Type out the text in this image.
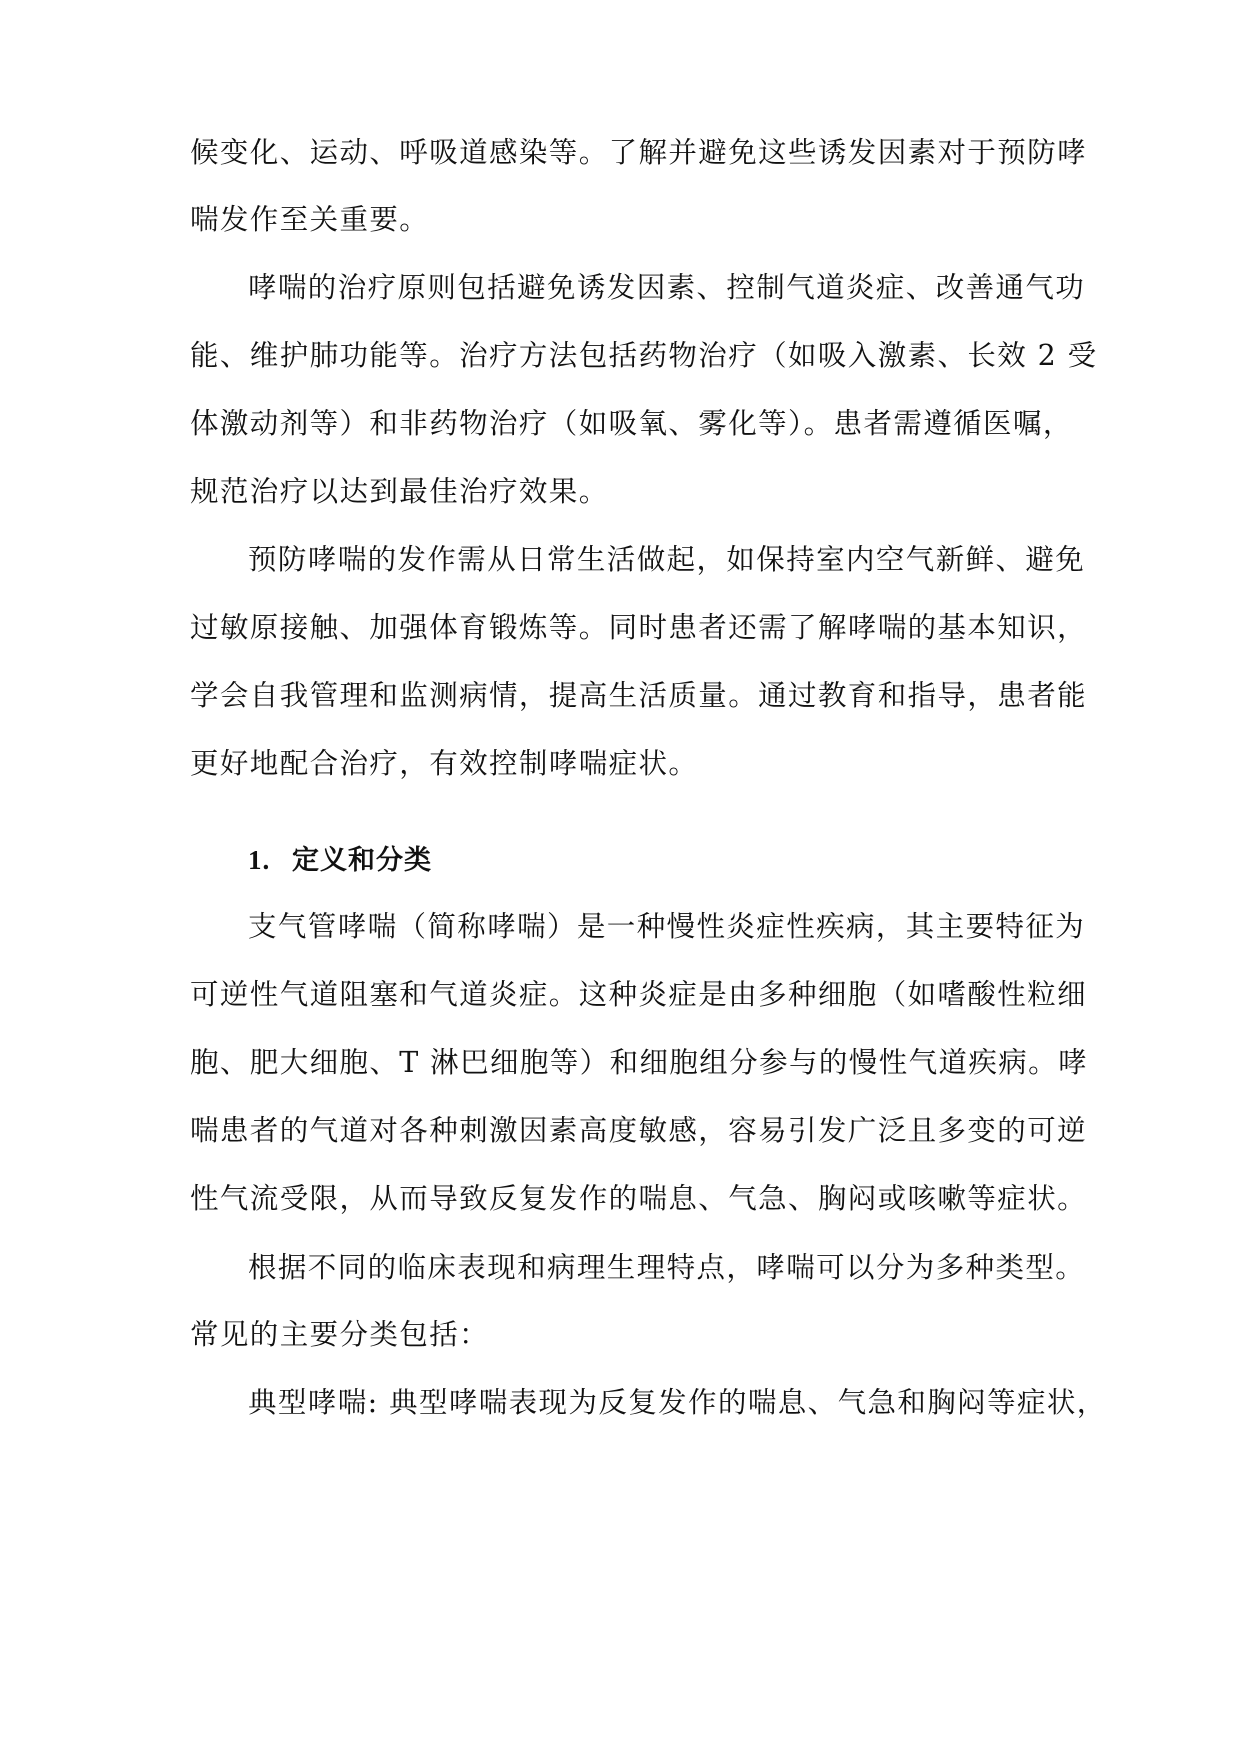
候变化、运动、呼吸道感染等。了解并避免这些诱发因素对于预防哮
喘发作至关重要。
哮喘的治疗原则包括避免诱发因素、控制气道炎症、改善通气功
能、维护肺功能等。治疗方法包括药物治疗（如吸入激素、长效 2 受
体激动剂等）和非药物治疗（如吸氧、雾化等）。患者需遵循医嘱，
规范治疗以达到最佳治疗效果。
预防哮喘的发作需从日常生活做起，如保持室内空气新鲜、避免
过敏原接触、加强体育锻炼等。同时患者还需了解哮喘的基本知识，
学会自我管理和监测病情，提高生活质量。通过教育和指导，患者能
更好地配合治疗，有效控制哮喘症状。
1. 定义和分类
支气管哮喘（简称哮喘）是一种慢性炎症性疾病，其主要特征为
可逆性气道阻塞和气道炎症。这种炎症是由多种细胞（如嗜酸性粒细
胞、肥大细胞、T 淋巴细胞等）和细胞组分参与的慢性气道疾病。哮
喘患者的气道对各种刺激因素高度敏感，容易引发广泛且多变的可逆
性气流受限，从而导致反复发作的喘息、气急、胸闷或咳嗽等症状。
根据不同的临床表现和病理生理特点，哮喘可以分为多种类型。
常见的主要分类包括：
典型哮喘: 典型哮喘表现为反复发作的喘息、气急和胸闷等症状，
